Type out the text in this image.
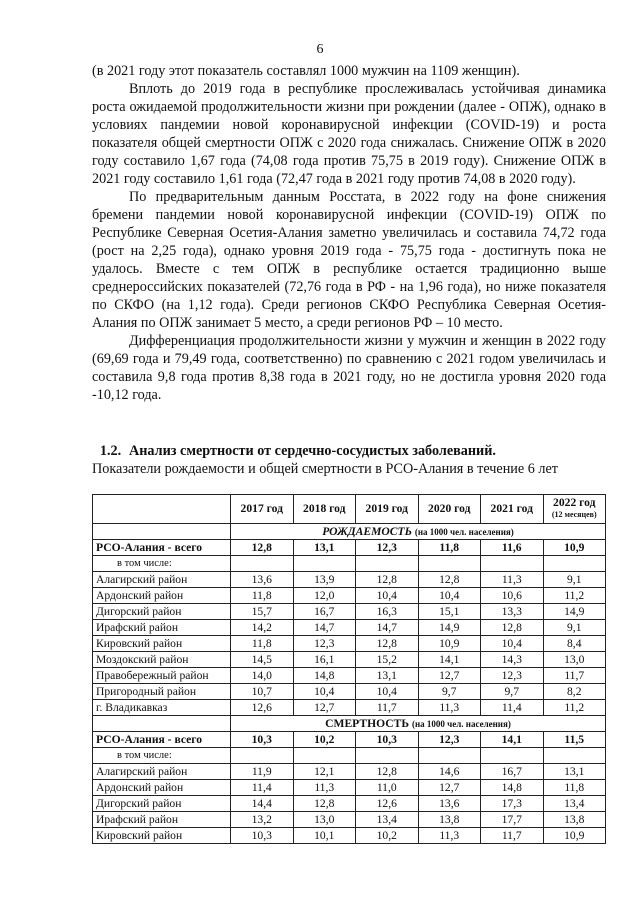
6

(в 2021 году этот показатель составлял 1000 мужчин на 1109 женщин).

Вплоть до 2019 года в республике прослеживалась устойчивая динамика роста ожидаемой продолжительности жизни при рождении (далее - ОПЖ), однако в условиях пандемии новой коронавирусной инфекции (COVID-19) и роста показателя общей смертности ОПЖ с 2020 года снижалась. Снижение ОПЖ в 2020 году составило 1,67 года (74,08 года против 75,75 в 2019 году). Снижение ОПЖ в 2021 году составило 1,61 года (72,47 года в 2021 году против 74,08 в 2020 году).

По предварительным данным Росстата, в 2022 году на фоне снижения бремени пандемии новой коронавирусной инфекции (COVID-19) ОПЖ по Республике Северная Осетия-Алания заметно увеличилась и составила 74,72 года (рост на 2,25 года), однако уровня 2019 года - 75,75 года - достигнуть пока не удалось. Вместе с тем ОПЖ в республике остается традиционно выше среднероссийских показателей (72,76 года в РФ - на 1,96 года), но ниже показателя по СКФО (на 1,12 года). Среди регионов СКФО Республика Северная Осетия-Алания по ОПЖ занимает 5 место, а среди регионов РФ – 10 место.

Дифференциация продолжительности жизни у мужчин и женщин в 2022 году (69,69 года и 79,49 года, соответственно) по сравнению с 2021 годом увеличилась и составила 9,8 года против 8,38 года в 2021 году, но не достигла уровня 2020 года -10,12 года.

1.2. Анализ смертности от сердечно-сосудистых заболеваний.

Показатели рождаемости и общей смертности в РСО-Алания в течение 6 лет

	2017 год	2018 год	2019 год	2020 год	2021 год	2022 год
(12 месяцев)

	РОЖДАЕМОСТЬ (на 1000 чел. населения)					
РСО-Алания - всего	12,8	13,1	12,3	11,8	11,6	10,9
в том числе:						
Алагирский район	13,6	13,9	12,8	12,8	11,3	9,1
Ардонский район	11,8	12,0	10,4	10,4	10,6	11,2
Дигорский район	15,7	16,7	16,3	15,1	13,3	14,9
Ирафский район	14,2	14,7	14,7	14,9	12,8	9,1
Кировский район	11,8	12,3	12,8	10,9	10,4	8,4
Моздокский район	14,5	16,1	15,2	14,1	14,3	13,0
Правобережный район	14,0	14,8	13,1	12,7	12,3	11,7
Пригородный район	10,7	10,4	10,4	9,7	9,7	8,2
г. Владикавказ	12,6	12,7	11,7	11,3	11,4	11,2
	СМЕРТНОСТЬ (на 1000 чел. населения)					
РСО-Алания - всего	10,3	10,2	10,3	12,3	14,1	11,5
в том числе:						
Алагирский район	11,9	12,1	12,8	14,6	16,7	13,1
Ардонский район	11,4	11,3	11,0	12,7	14,8	11,8
Дигорский район	14,4	12,8	12,6	13,6	17,3	13,4
Ирафский район	13,2	13,0	13,4	13,8	17,7	13,8
Кировский район	10,3	10,1	10,2	11,3	11,7	10,9
